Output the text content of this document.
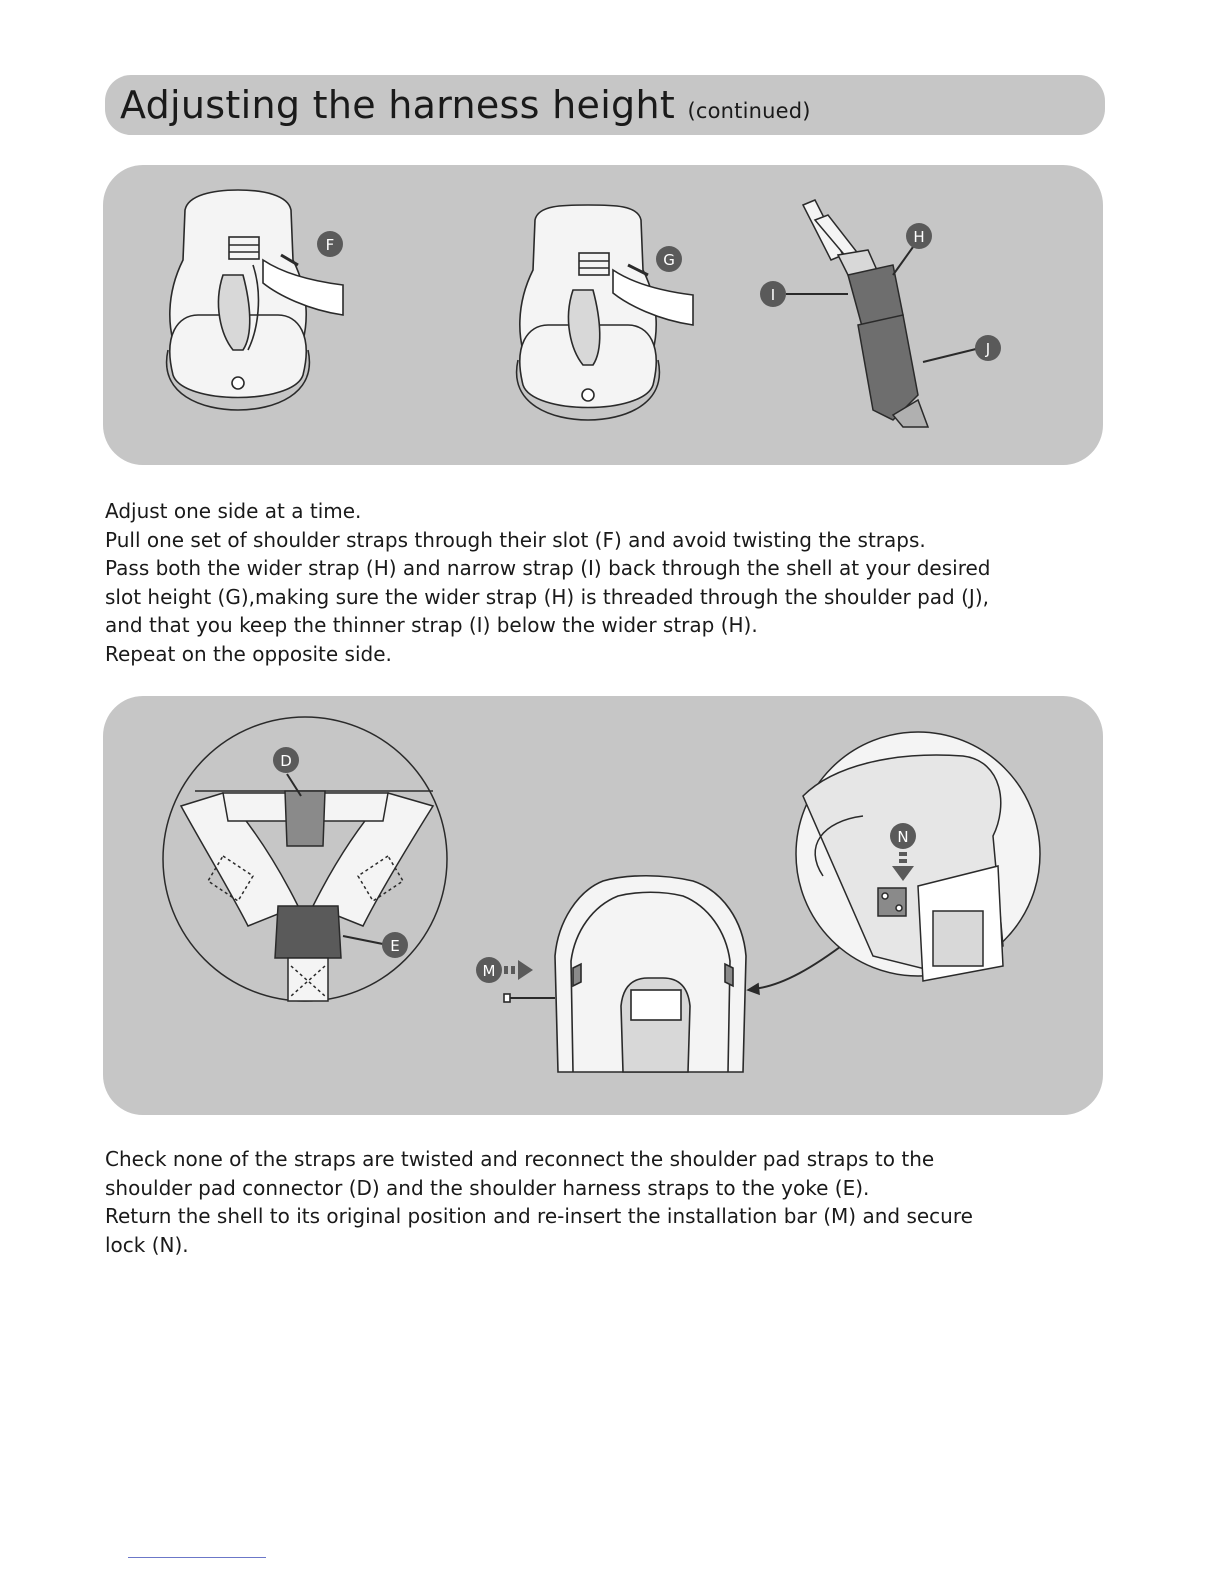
Adjusting the harness height (continued)
F
G
H
I
J
Adjust one side at a time.
Pull one set of shoulder straps through their slot (F) and avoid twisting the straps.
Pass both the wider strap (H) and narrow strap (I) back through the shell at your desired
slot height (G),making sure the wider strap (H) is threaded through the shoulder pad (J),
and that you keep the thinner strap (I) below the wider strap (H).
Repeat on the opposite side.
D
E
M
N
Check none of the straps are twisted and reconnect the shoulder pad straps to the
shoulder pad connector (D) and the shoulder harness straps to the yoke (E).
Return the shell to its original position and re-insert the installation bar (M) and secure
lock (N).
